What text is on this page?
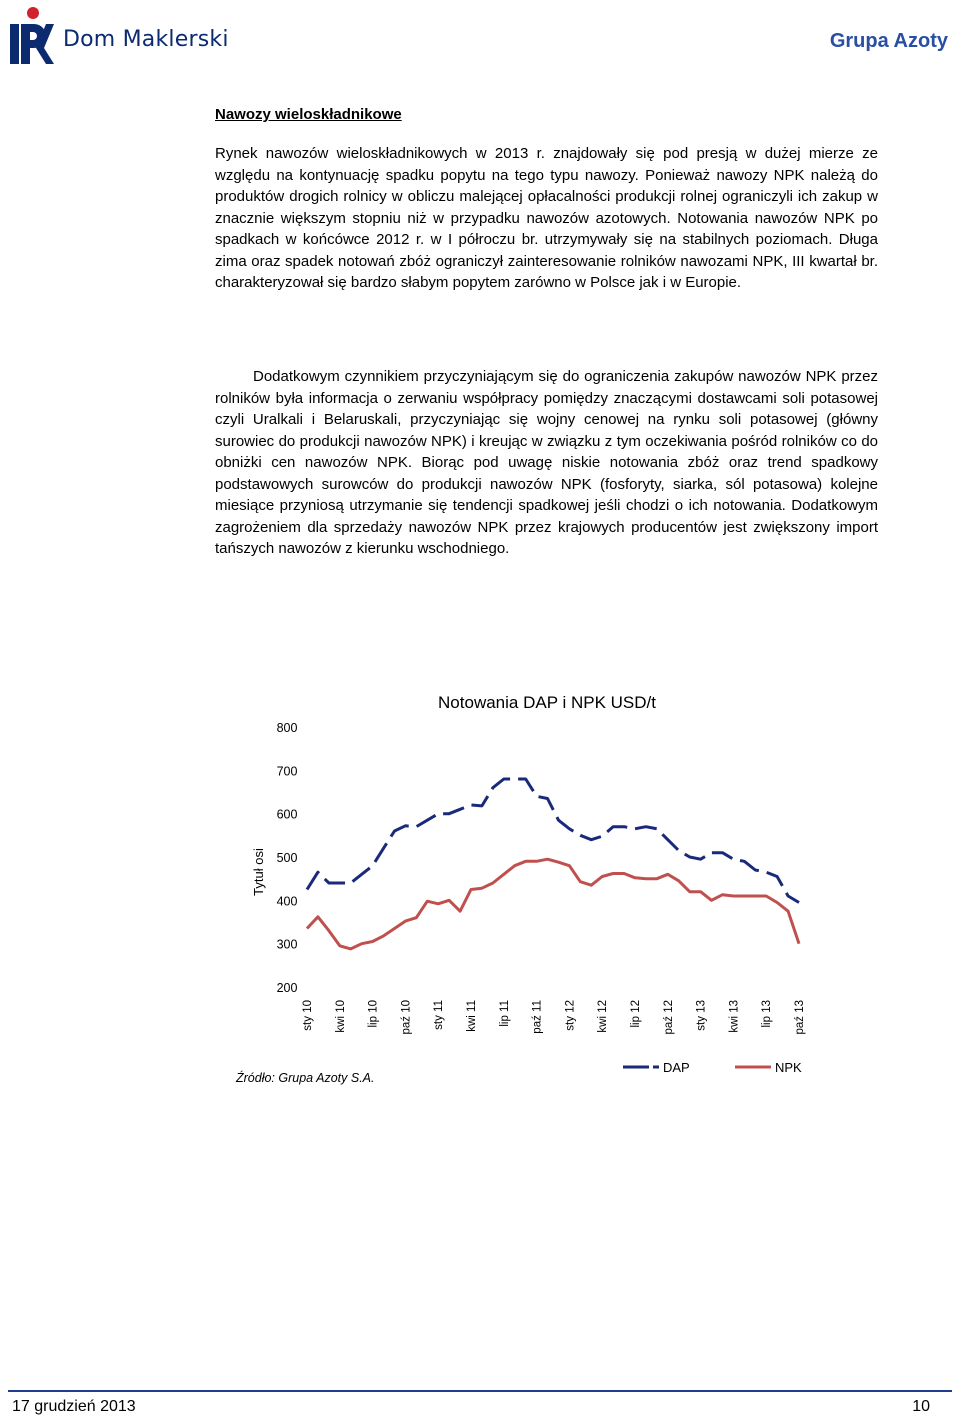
Dom Maklerski	Grupa Azoty
Nawozy wieloskładnikowe
Rynek nawozów wieloskładnikowych w 2013 r. znajdowały się pod presją w dużej mierze ze względu na kontynuację spadku popytu na tego typu nawozy. Ponieważ nawozy NPK należą do produktów drogich rolnicy w obliczu malejącej opłacalności produkcji rolnej ograniczyli ich zakup w znacznie większym stopniu niż w przypadku nawozów azotowych. Notowania nawozów NPK po spadkach w końcówce 2012 r. w I półroczu br. utrzymywały się na stabilnych poziomach. Długa zima oraz spadek notowań zbóż ograniczył zainteresowanie rolników nawozami NPK, III kwartał br. charakteryzował się bardzo słabym popytem zarówno w Polsce jak i w Europie.
Dodatkowym czynnikiem przyczyniającym się do ograniczenia zakupów nawozów NPK przez rolników była informacja o zerwaniu współpracy pomiędzy znaczącymi dostawcami soli potasowej czyli Uralkali i Belaruskali, przyczyniając się wojny cenowej na rynku soli potasowej (główny surowiec do produkcji nawozów NPK) i kreując w związku z tym oczekiwania pośród rolników co do obniżki cen nawozów NPK. Biorąc pod uwagę niskie notowania zbóż oraz trend spadkowy podstawowych surowców do produkcji nawozów NPK (fosforyty, siarka, sól potasowa) kolejne miesiące przyniosą utrzymanie się tendencji spadkowej jeśli chodzi o ich notowania. Dodatkowym zagrożeniem dla sprzedaży nawozów NPK przez krajowych producentów jest zwiększony import tańszych nawozów z kierunku wschodniego.
Notowania DAP i NPK USD/t
800
700
600
500
400
300
200
Tytuł osi
sty 10 kwi 10 lip 10 paź 10 sty 11 kwi 11 lip 11 paź 11 sty 12 kwi 12 lip 12 paź 12 sty 13 kwi 13 lip 13 paź 13
DAP	NPK
Źródło: Grupa Azoty S.A.
17 grudzień 2013	10
